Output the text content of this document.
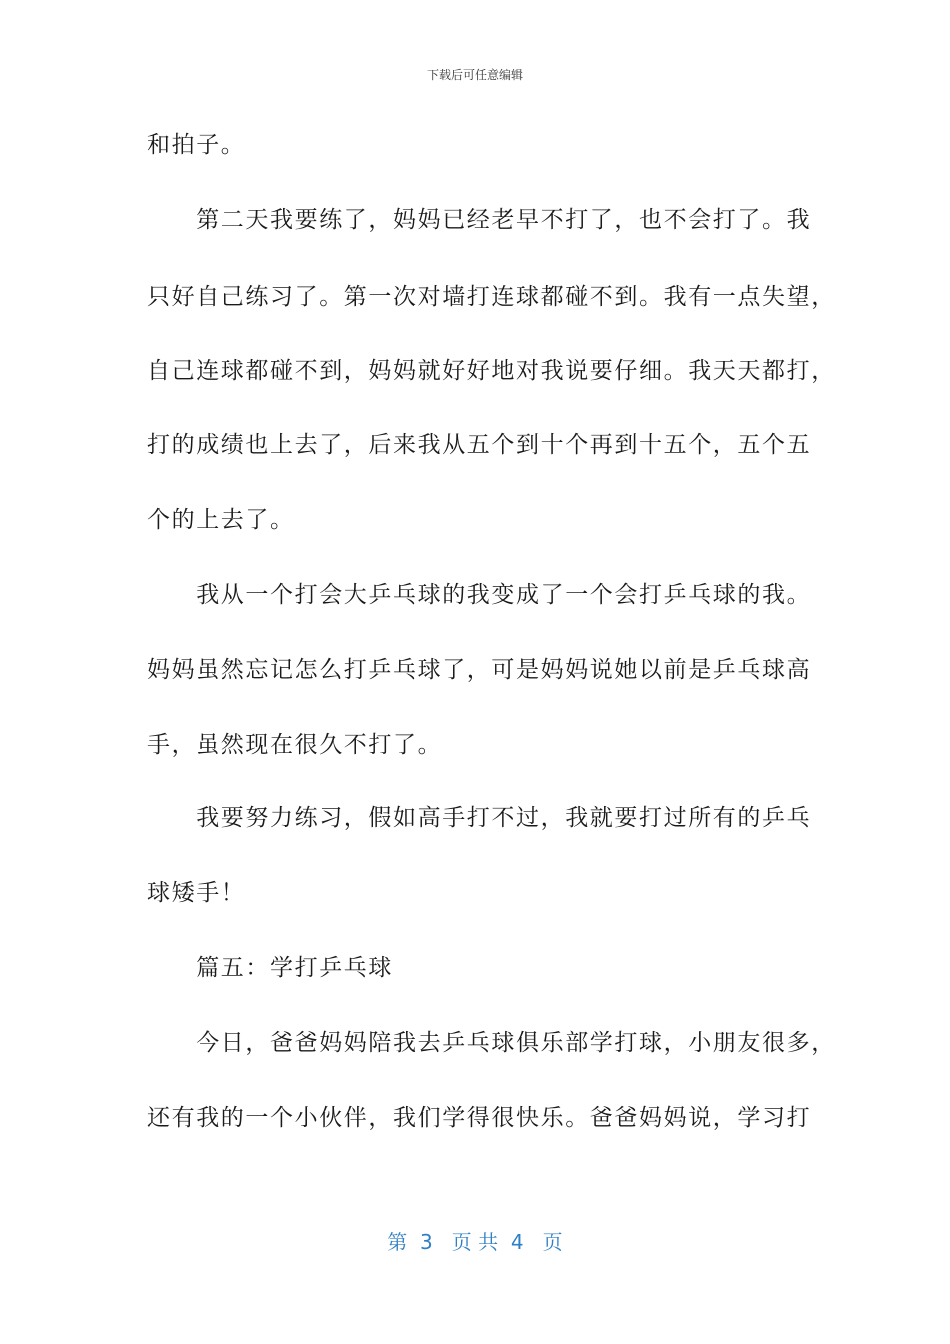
下载后可任意编辑
和拍子。
　　第二天我要练了，妈妈已经老早不打了，也不会打了。我
只好自己练习了。第一次对墙打连球都碰不到。我有一点失望，
自己连球都碰不到，妈妈就好好地对我说要仔细。我天天都打，
打的成绩也上去了，后来我从五个到十个再到十五个，五个五
个的上去了。
　　我从一个打会大乒乓球的我变成了一个会打乒乓球的我。
妈妈虽然忘记怎么打乒乓球了，可是妈妈说她以前是乒乓球高
手，虽然现在很久不打了。
　　我要努力练习，假如高手打不过，我就要打过所有的乒乓
球矮手！
　　篇五：学打乒乓球
　　今日，爸爸妈妈陪我去乒乓球俱乐部学打球，小朋友很多，
还有我的一个小伙伴，我们学得很快乐。爸爸妈妈说，学习打
第  3   页 共  4   页
